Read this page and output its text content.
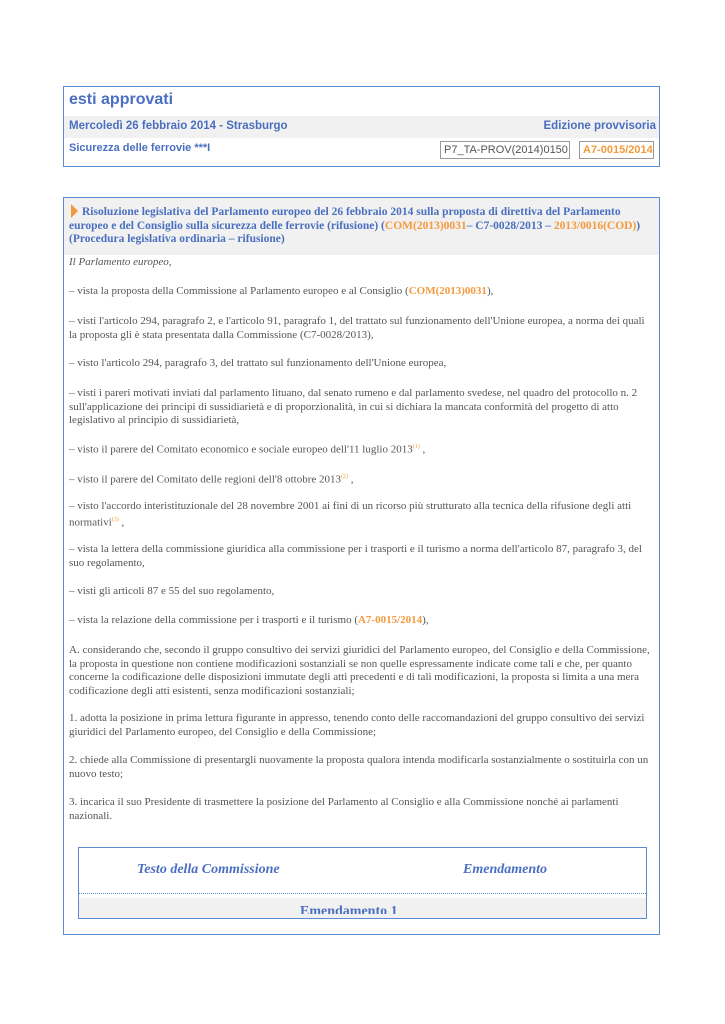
esti approvati
Mercoledì 26 febbraio 2014 - Strasburgo	Edizione provvisoria
Sicurezza delle ferrovie ***I	P7_TA-PROV(2014)0150	A7-0015/2014
Risoluzione legislativa del Parlamento europeo del 26 febbraio 2014 sulla proposta di direttiva del Parlamento europeo e del Consiglio sulla sicurezza delle ferrovie (rifusione) (COM(2013)0031– C7-0028/2013 – 2013/0016(COD)) (Procedura legislativa ordinaria – rifusione)
Il Parlamento europeo,
– vista la proposta della Commissione al Parlamento europeo e al Consiglio (COM(2013)0031),
– visti l'articolo 294, paragrafo 2, e l'articolo 91, paragrafo 1, del trattato sul funzionamento dell'Unione europea, a norma dei quali la proposta gli è stata presentata dalla Commissione (C7-0028/2013),
– visto l'articolo 294, paragrafo 3, del trattato sul funzionamento dell'Unione europea,
– visti i pareri motivati inviati dal parlamento lituano, dal senato rumeno e dal parlamento svedese, nel quadro del protocollo n. 2 sull'applicazione dei principi di sussidiarietà e di proporzionalità, in cui si dichiara la mancata conformità del progetto di atto legislativo al principio di sussidiarietà,
– visto il parere del Comitato economico e sociale europeo dell'11 luglio 2013$^{(1)}$ ,
– visto il parere del Comitato delle regioni dell'8 ottobre 2013$^{(2)}$ ,
– visto l'accordo interistituzionale del 28 novembre 2001 ai fini di un ricorso più strutturato alla tecnica della rifusione degli atti normativi$^{(3)}$ ,
– vista la lettera della commissione giuridica alla commissione per i trasporti e il turismo a norma dell'articolo 87, paragrafo 3, del suo regolamento,
– visti gli articoli 87 e 55 del suo regolamento,
– vista la relazione della commissione per i trasporti e il turismo (A7-0015/2014),
A. considerando che, secondo il gruppo consultivo dei servizi giuridici del Parlamento europeo, del Consiglio e della Commissione, la proposta in questione non contiene modificazioni sostanziali se non quelle espressamente indicate come tali e che, per quanto concerne la codificazione delle disposizioni immutate degli atti precedenti e di tali modificazioni, la proposta si limita a una mera codificazione degli atti esistenti, senza modificazioni sostanziali;
1. adotta la posizione in prima lettura figurante in appresso, tenendo conto delle raccomandazioni del gruppo consultivo dei servizi giuridici del Parlamento europeo, del Consiglio e della Commissione;
2. chiede alla Commissione di presentargli nuovamente la proposta qualora intenda modificarla sostanzialmente o sostituirla con un nuovo testo;
3. incarica il suo Presidente di trasmettere la posizione del Parlamento al Consiglio e alla Commissione nonché ai parlamenti nazionali.
Testo della Commissione	Emendamento
Emendamento 1
